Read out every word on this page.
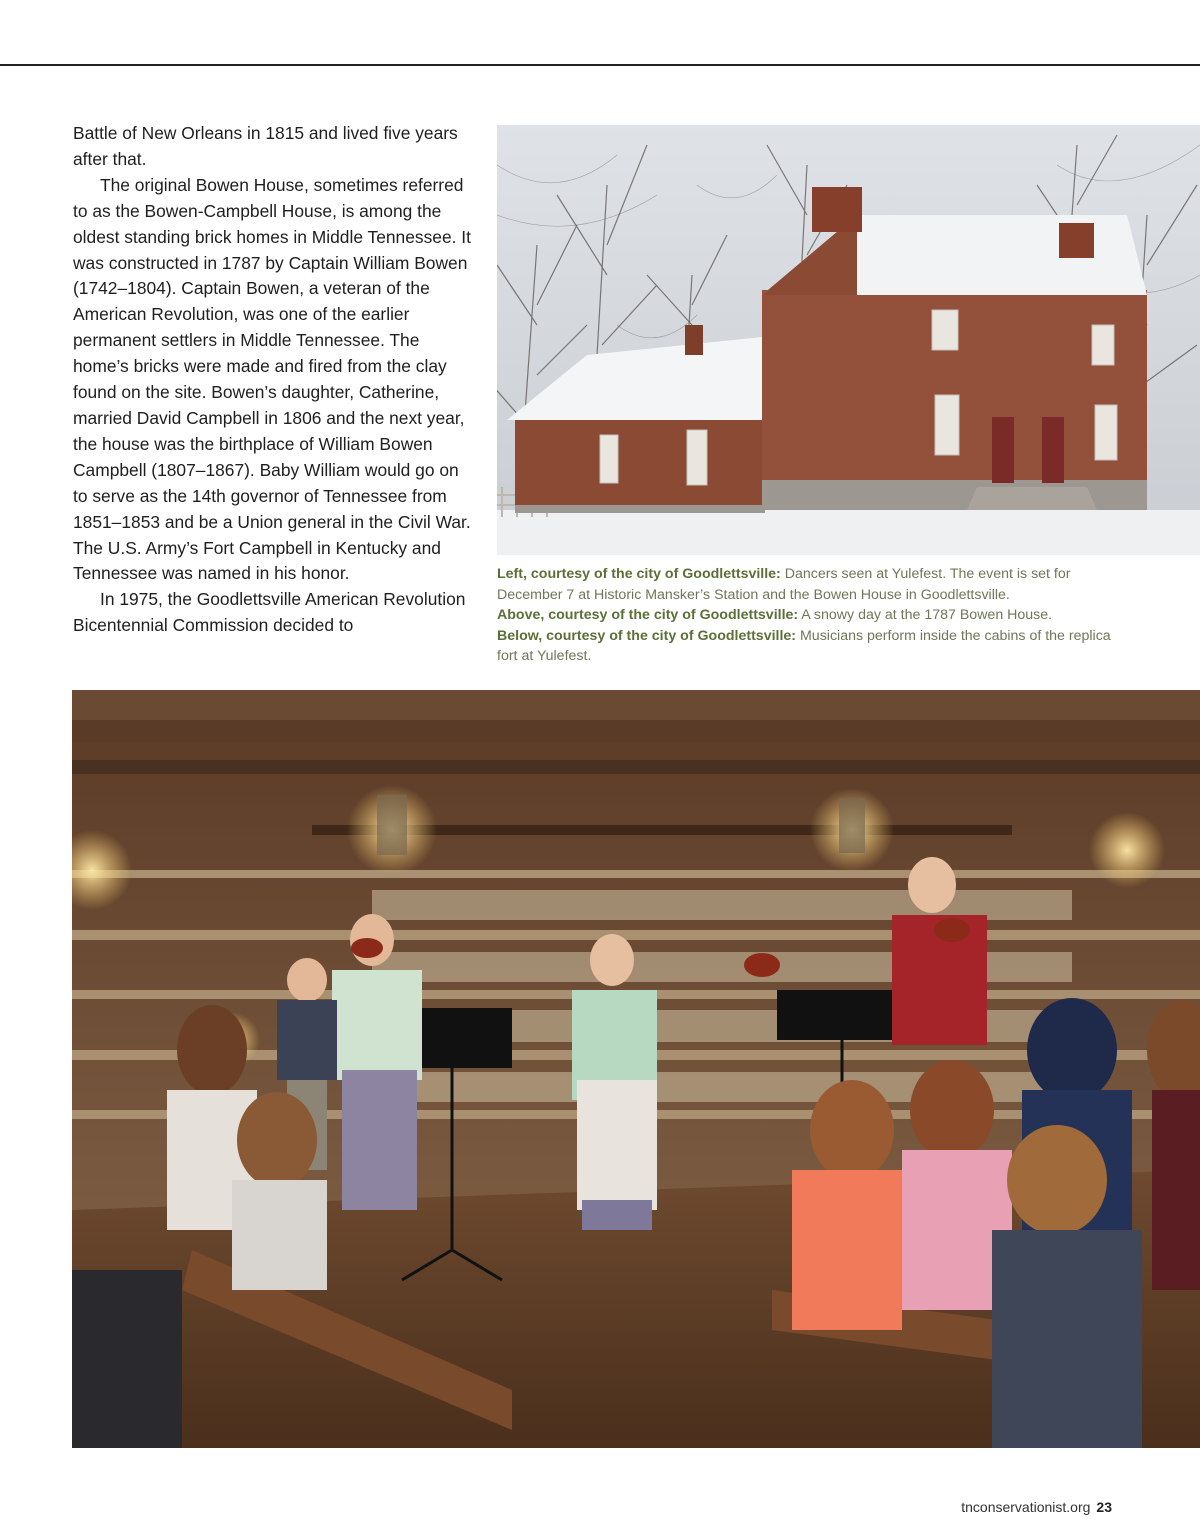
Battle of New Orleans in 1815 and lived five years after that.

The original Bowen House, sometimes referred to as the Bowen-Campbell House, is among the oldest standing brick homes in Middle Tennessee. It was constructed in 1787 by Captain William Bowen (1742–1804). Captain Bowen, a veteran of the American Revolution, was one of the earlier permanent settlers in Middle Tennessee. The home’s bricks were made and fired from the clay found on the site. Bowen’s daughter, Catherine, married David Campbell in 1806 and the next year, the house was the birthplace of William Bowen Campbell (1807–1867). Baby William would go on to serve as the 14th governor of Tennessee from 1851–1853 and be a Union general in the Civil War. The U.S. Army’s Fort Campbell in Kentucky and Tennessee was named in his honor.

In 1975, the Goodlettsville American Revolution Bicentennial Commission decided to

Left, courtesy of the city of Goodlettsville: Dancers seen at Yulefest. The event is set for December 7 at Historic Mansker’s Station and the Bowen House in Goodlettsville.

Above, courtesy of the city of Goodlettsville: A snowy day at the 1787 Bowen House.

Below, courtesy of the city of Goodlettsville: Musicians perform inside the cabins of the replica fort at Yulefest.

tnconservationist.org 23
